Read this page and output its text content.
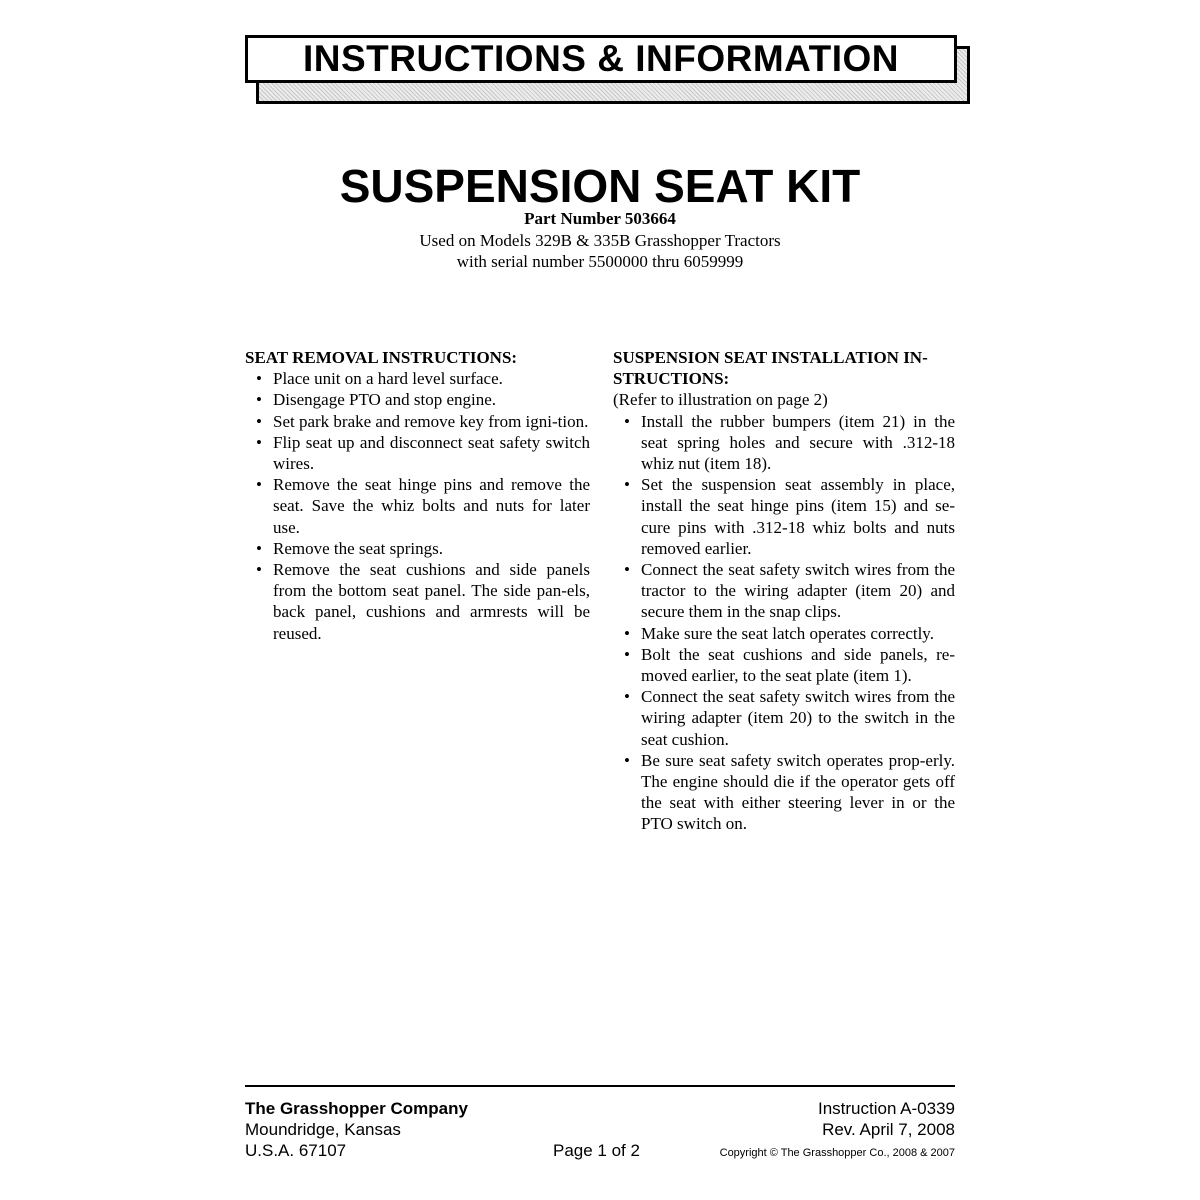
INSTRUCTIONS & INFORMATION
SUSPENSION SEAT KIT
Part Number 503664
Used on Models 329B & 335B Grasshopper Tractors
with serial number 5500000 thru 6059999
SEAT REMOVAL INSTRUCTIONS:
• Place unit on a hard level surface.
• Disengage PTO and stop engine.
• Set park brake and remove key from igni-tion.
• Flip seat up and disconnect seat safety switch wires.
• Remove the seat hinge pins and remove the seat. Save the whiz bolts and nuts for later use.
• Remove the seat springs.
• Remove the seat cushions and side panels from the bottom seat panel. The side pan-els, back panel, cushions and armrests will be reused.
SUSPENSION SEAT INSTALLATION IN-STRUCTIONS:

(Refer to illustration on page 2)

• Install the rubber bumpers (item 21) in the seat spring holes and secure with .312-18 whiz nut (item 18).
• Set the suspension seat assembly in place, install the seat hinge pins (item 15) and se-cure pins with .312-18 whiz bolts and nuts removed earlier.
• Connect the seat safety switch wires from the tractor to the wiring adapter (item 20) and secure them in the snap clips.
• Make sure the seat latch operates correctly.
• Bolt the seat cushions and side panels, re-moved earlier, to the seat plate (item 1).
• Connect the seat safety switch wires from the wiring adapter (item 20) to the switch in the seat cushion.
• Be sure seat safety switch operates prop-erly. The engine should die if the operator gets off the seat with either steering lever in or the PTO switch on.
The Grasshopper Company
Moundridge, Kansas
U.S.A. 67107	Page 1 of 2
Instruction A-0339
Rev. April 7, 2008
Copyright © The Grasshopper Co., 2008 & 2007
